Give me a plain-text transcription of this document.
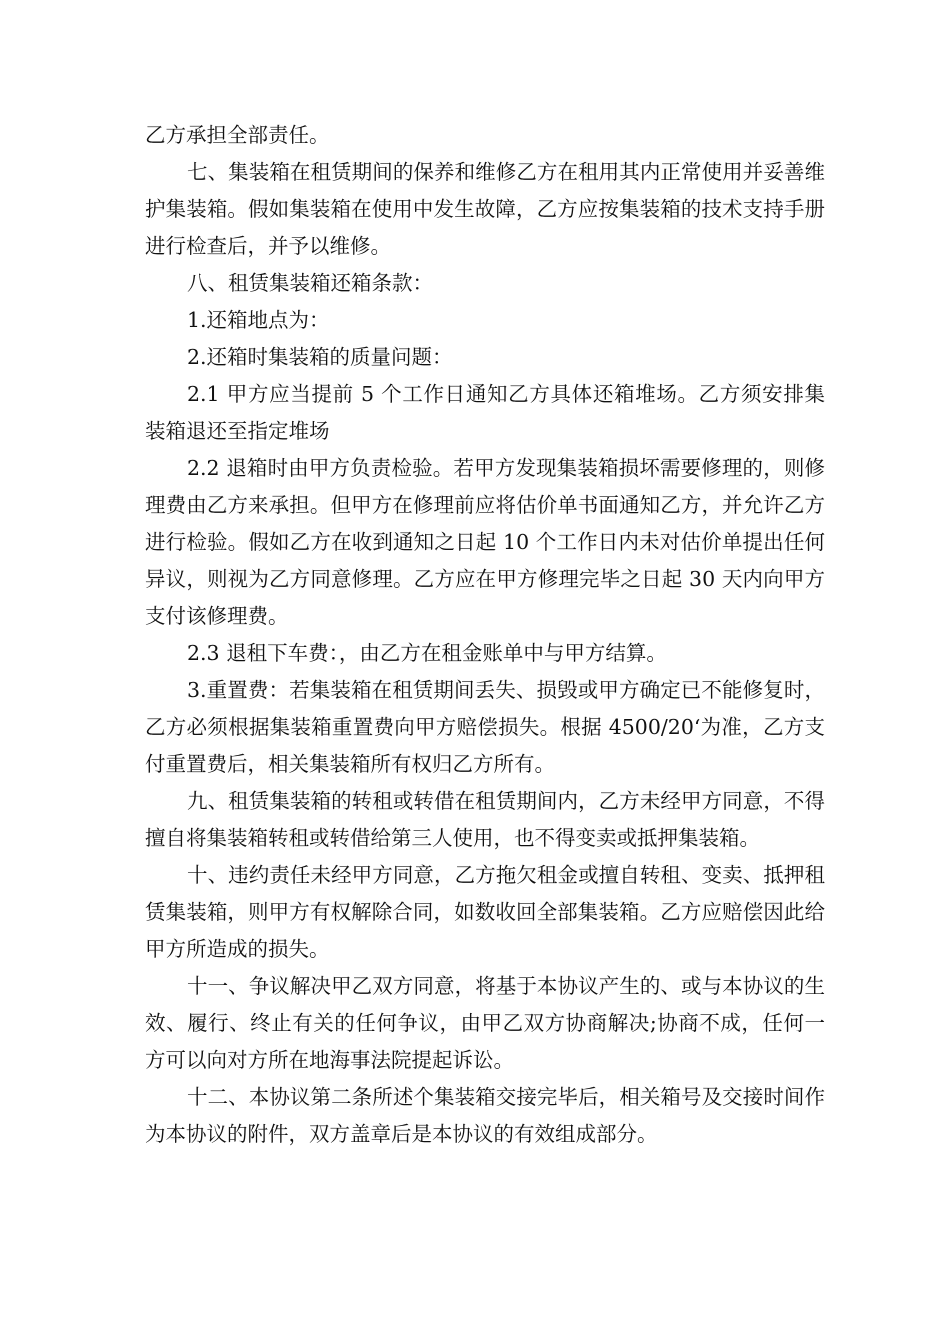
乙方承担全部责任。

七、集装箱在租赁期间的保养和维修乙方在租用其内正常使用并妥善维护集装箱。假如集装箱在使用中发生故障，乙方应按集装箱的技术支持手册进行检查后，并予以维修。

八、租赁集装箱还箱条款：

1.还箱地点为：

2.还箱时集装箱的质量问题：

2.1 甲方应当提前 5 个工作日通知乙方具体还箱堆场。乙方须安排集装箱退还至指定堆场

2.2 退箱时由甲方负责检验。若甲方发现集装箱损坏需要修理的，则修理费由乙方来承担。但甲方在修理前应将估价单书面通知乙方，并允许乙方进行检验。假如乙方在收到通知之日起 10 个工作日内未对估价单提出任何异议，则视为乙方同意修理。乙方应在甲方修理完毕之日起 30 天内向甲方支付该修理费。

2.3 退租下车费：，由乙方在租金账单中与甲方结算。

3.重置费：若集装箱在租赁期间丢失、损毁或甲方确定已不能修复时，乙方必须根据集装箱重置费向甲方赔偿损失。根据 4500/20‘为准，乙方支付重置费后，相关集装箱所有权归乙方所有。

九、租赁集装箱的转租或转借在租赁期间内，乙方未经甲方同意，不得擅自将集装箱转租或转借给第三人使用，也不得变卖或抵押集装箱。

十、违约责任未经甲方同意，乙方拖欠租金或擅自转租、变卖、抵押租赁集装箱，则甲方有权解除合同，如数收回全部集装箱。乙方应赔偿因此给甲方所造成的损失。

十一、争议解决甲乙双方同意，将基于本协议产生的、或与本协议的生效、履行、终止有关的任何争议，由甲乙双方协商解决;协商不成，任何一方可以向对方所在地海事法院提起诉讼。

十二、本协议第二条所述个集装箱交接完毕后，相关箱号及交接时间作为本协议的附件，双方盖章后是本协议的有效组成部分。
